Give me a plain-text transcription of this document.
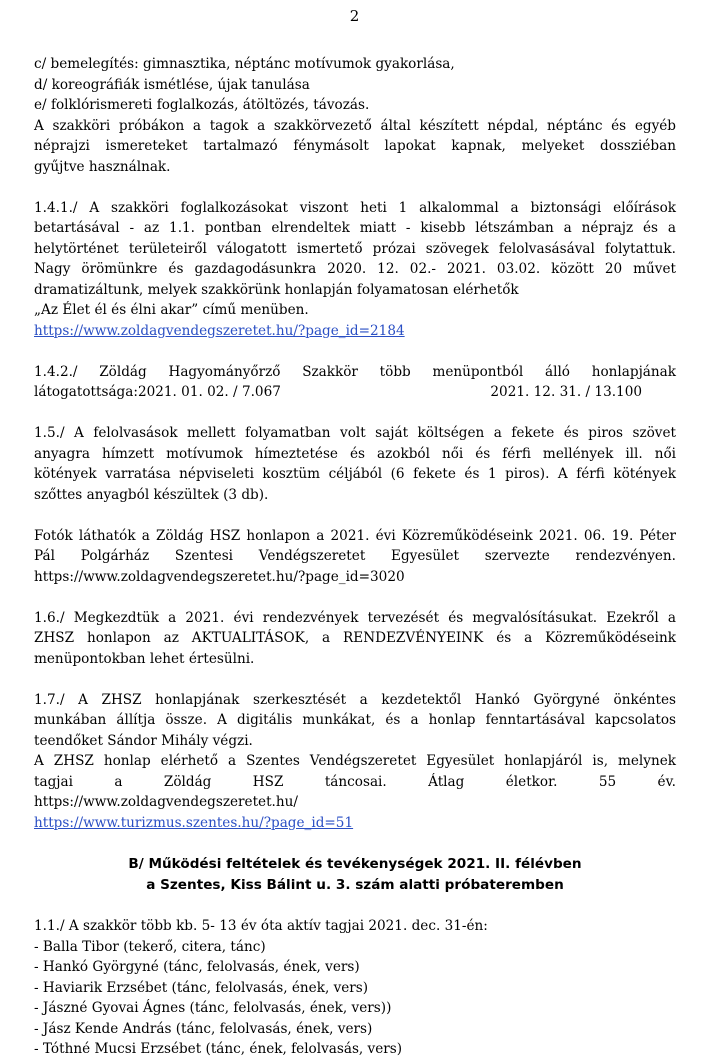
2
c/ bemelegítés: gimnasztika, néptánc motívumok gyakorlása,
d/ koreográfiák ismétlése, újak tanulása
e/ folklórismereti foglalkozás, átöltözés, távozás.
A szakköri próbákon a tagok a szakkörvezető által készített népdal, néptánc és egyéb
néprajzi ismereteket tartalmazó fénymásolt lapokat kapnak, melyeket dossziéban
gyűjtve használnak.
1.4.1./ A szakköri foglalkozásokat viszont heti 1 alkalommal a biztonsági előírások
betartásával - az 1.1. pontban elrendeltek miatt - kisebb létszámban a néprajz és a
helytörténet területeiről válogatott ismertető prózai szövegek felolvasásával folytattuk.
Nagy örömünkre és gazdagodásunkra 2020. 12. 02.- 2021. 03.02. között 20 művet
dramatizáltunk, melyek szakkörünk honlapján folyamatosan elérhetők
„Az Élet él és élni akar” című menüben.
https://www.zoldagvendegszeretet.hu/?page_id=2184
1.4.2./ Zöldág Hagyományőrző Szakkör több menüpontból álló honlapjának
látogatottsága:2021. 01. 02. / 7.067	2021. 12. 31. / 13.100
1.5./ A felolvasások mellett folyamatban volt saját költségen a fekete és piros szövet
anyagra hímzett motívumok hímeztetése és azokból női és férfi mellények ill. női
kötények varratása népviseleti kosztüm céljából (6 fekete és 1 piros). A férfi kötények
szőttes anyagból készültek (3 db).
Fotók láthatók a Zöldág HSZ honlapon a 2021. évi Közreműködéseink 2021. 06. 19. Péter
Pál Polgárház Szentesi Vendégszeretet Egyesület szervezte rendezvényen.
https://www.zoldagvendegszeretet.hu/?page_id=3020
1.6./ Megkezdtük a 2021. évi rendezvények tervezését és megvalósításukat. Ezekről a
ZHSZ honlapon az AKTUALITÁSOK, a RENDEZVÉNYEINK és a Közreműködéseink
menüpontokban lehet értesülni.
1.7./ A ZHSZ honlapjának szerkesztését a kezdetektől Hankó Györgyné önkéntes
munkában állítja össze. A digitális munkákat, és a honlap fenntartásával kapcsolatos
teendőket Sándor Mihály végzi.
A ZHSZ honlap elérhető a Szentes Vendégszeretet Egyesület honlapjáról is, melynek
tagjai a Zöldág HSZ táncosai. Átlag életkor. 55 év.
https://www.zoldagvendegszeretet.hu/
https://www.turizmus.szentes.hu/?page_id=51
B/ Működési feltételek és tevékenységek 2021. II. félévben
a Szentes, Kiss Bálint u. 3. szám alatti próbateremben
1.1./ A szakkör több kb. 5- 13 év óta aktív tagjai 2021. dec. 31-én:
- Balla Tibor (tekerő, citera, tánc)
- Hankó Györgyné (tánc, felolvasás, ének, vers)
- Haviarik Erzsébet (tánc, felolvasás, ének, vers)
- Jászné Gyovai Ágnes (tánc, felolvasás, ének, vers))
- Jász Kende András (tánc, felolvasás, ének, vers)
- Tóthné Mucsi Erzsébet (tánc, ének, felolvasás, vers)
